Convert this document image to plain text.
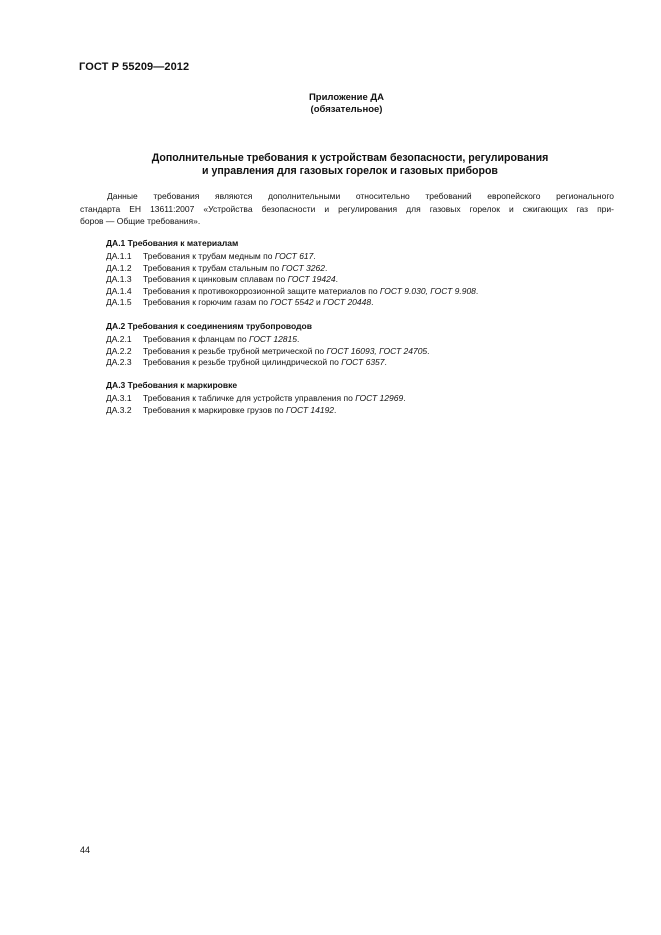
ГОСТ Р 55209—2012
Приложение ДА
(обязательное)
Дополнительные требования к устройствам безопасности, регулирования
и управления для газовых горелок и газовых приборов
Данные требования являются дополнительными относительно требований европейского регионального
стандарта ЕН 13611:2007 «Устройства безопасности и регулирования для газовых горелок и сжигающих газ при-
боров — Общие требования».
ДА.1 Требования к материалам
ДА.1.1 Требования к трубам медным по ГОСТ 617.
ДА.1.2 Требования к трубам стальным по ГОСТ 3262.
ДА.1.3 Требования к цинковым сплавам по ГОСТ 19424.
ДА.1.4 Требования к противокоррозионной защите материалов по ГОСТ 9.030, ГОСТ 9.908.
ДА.1.5 Требования к горючим газам по ГОСТ 5542 и ГОСТ 20448.
ДА.2 Требования к соединениям трубопроводов
ДА.2.1 Требования к фланцам по ГОСТ 12815.
ДА.2.2 Требования к резьбе трубной метрической по ГОСТ 16093, ГОСТ 24705.
ДА.2.3 Требования к резьбе трубной цилиндрической по ГОСТ 6357.
ДА.3 Требования к маркировке
ДА.3.1 Требования к табличке для устройств управления по ГОСТ 12969.
ДА.3.2 Требования к маркировке грузов по ГОСТ 14192.
44
